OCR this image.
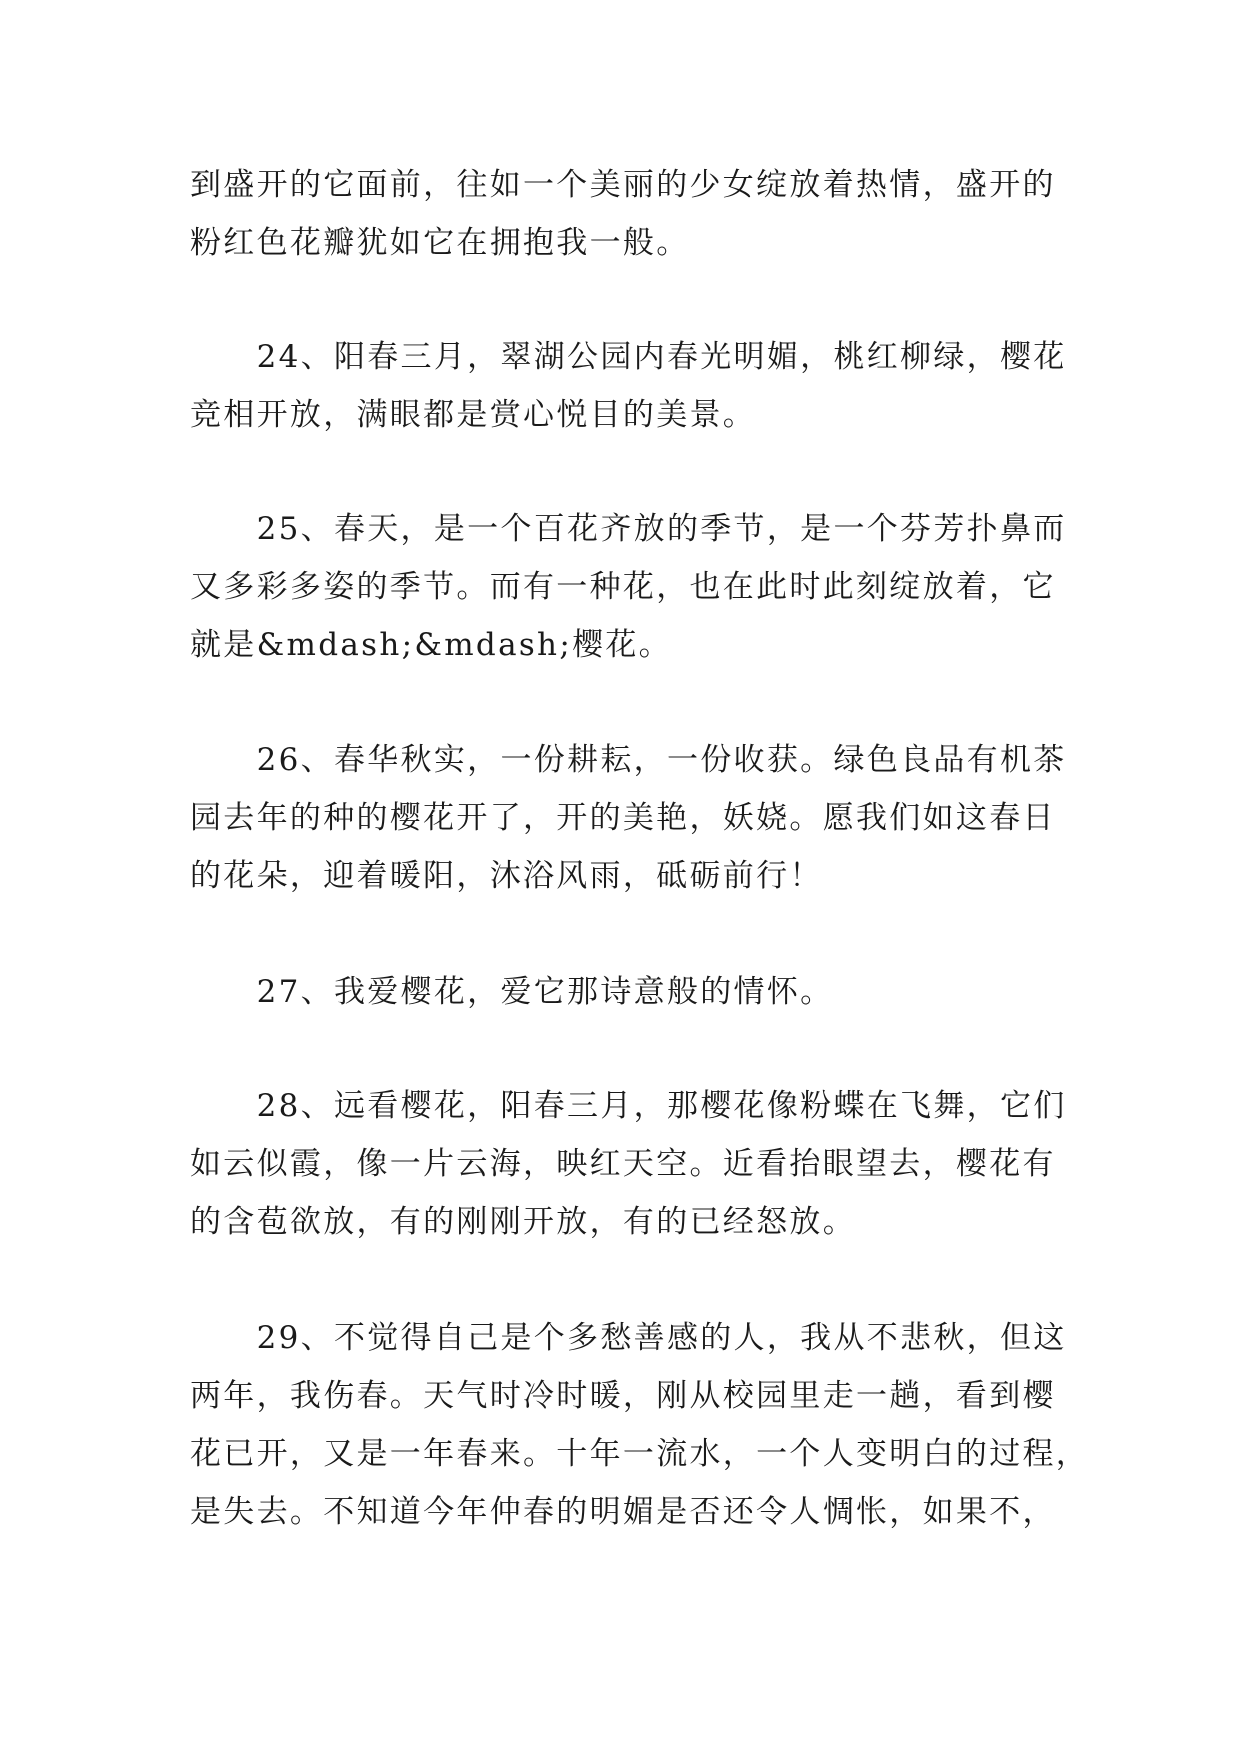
到盛开的它面前，往如一个美丽的少女绽放着热情，盛开的
粉红色花瓣犹如它在拥抱我一般。
　　24、阳春三月，翠湖公园内春光明媚，桃红柳绿，樱花
竞相开放，满眼都是赏心悦目的美景。
　　25、春天，是一个百花齐放的季节，是一个芬芳扑鼻而
又多彩多姿的季节。而有一种花，也在此时此刻绽放着，它
就是&mdash;&mdash;樱花。
　　26、春华秋实，一份耕耘，一份收获。绿色良品有机茶
园去年的种的樱花开了，开的美艳，妖娆。愿我们如这春日
的花朵，迎着暖阳，沐浴风雨，砥砺前行！
　　27、我爱樱花，爱它那诗意般的情怀。
　　28、远看樱花，阳春三月，那樱花像粉蝶在飞舞，它们
如云似霞，像一片云海，映红天空。近看抬眼望去，樱花有
的含苞欲放，有的刚刚开放，有的已经怒放。
　　29、不觉得自己是个多愁善感的人，我从不悲秋，但这
两年，我伤春。天气时冷时暖，刚从校园里走一趟，看到樱
花已开，又是一年春来。十年一流水，一个人变明白的过程，
是失去。不知道今年仲春的明媚是否还令人惆怅，如果不，
